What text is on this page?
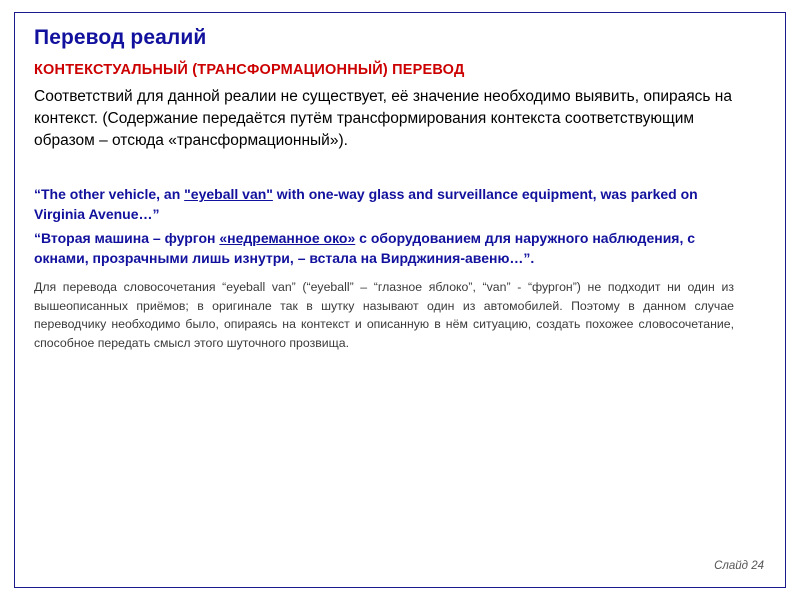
Перевод реалий
КОНТЕКСТУАЛЬНЫЙ (ТРАНСФОРМАЦИОННЫЙ) ПЕРЕВОД

Соответствий для данной реалии не существует, её значение необходимо выявить, опираясь на контекст. (Содержание передаётся путём трансформирования контекста соответствующим образом – отсюда «трансформационный»).

“The other vehicle, an "eyeball van" with one-way glass and surveillance equipment, was parked on Virginia Avenue…”

“Вторая машина – фургон «недреманное око» с оборудованием для наружного наблюдения, с окнами, прозрачными лишь изнутри, – встала на Вирджиния-авеню…”.

Для перевода словосочетания “eyeball van” (“eyeball” – “глазное яблоко”, “van” - “фургон”) не подходит ни один из вышеописанных приёмов; в оригинале так в шутку называют один из автомобилей. Поэтому в данном случае переводчику необходимо было, опираясь на контекст и описанную в нём ситуацию, создать похожее словосочетание, способное передать смысл этого шуточного прозвища.

Слайд 24
